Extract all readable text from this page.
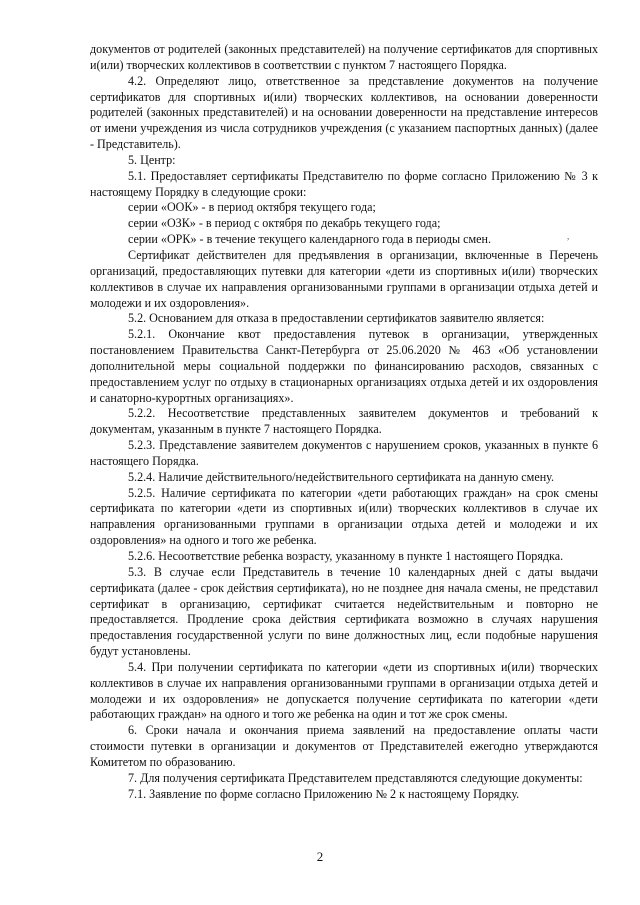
документов от родителей (законных представителей) на получение сертификатов для спортивных и(или) творческих коллективов в соответствии с пунктом 7 настоящего Порядка.

4.2. Определяют лицо, ответственное за представление документов на получение сертификатов для спортивных и(или) творческих коллективов, на основании доверенности родителей (законных представителей) и на основании доверенности на представление интересов от имени учреждения из числа сотрудников учреждения (с указанием паспортных данных) (далее - Представитель).

5. Центр:

5.1. Предоставляет сертификаты Представителю по форме согласно Приложению № 3 к настоящему Порядку в следующие сроки:

серии «ООК» - в период октября текущего года;

серии «ОЗК» - в период с октября по декабрь текущего года;

серии «ОРК» - в течение текущего календарного года в периоды смен.

Сертификат действителен для предъявления в организации, включенные в Перечень организаций, предоставляющих путевки для категории «дети из спортивных и(или) творческих коллективов в случае их направления организованными группами в организации отдыха детей и молодежи и их оздоровления».

5.2. Основанием для отказа в предоставлении сертификатов заявителю является:

5.2.1. Окончание квот предоставления путевок в организации, утвержденных постановлением Правительства Санкт-Петербурга от 25.06.2020 № 463 «Об установлении дополнительной меры социальной поддержки по финансированию расходов, связанных с предоставлением услуг по отдыху в стационарных организациях отдыха детей и их оздоровления и санаторно-курортных организациях».

5.2.2. Несоответствие представленных заявителем документов и требований к документам, указанным в пункте 7 настоящего Порядка.

5.2.3. Представление заявителем документов с нарушением сроков, указанных в пункте 6 настоящего Порядка.

5.2.4. Наличие действительного/недействительного сертификата на данную смену.

5.2.5. Наличие сертификата по категории «дети работающих граждан» на срок смены сертификата по категории «дети из спортивных и(или) творческих коллективов в случае их направления организованными группами в организации отдыха детей и молодежи и их оздоровления» на одного и того же ребенка.

5.2.6. Несоответствие ребенка возрасту, указанному в пункте 1 настоящего Порядка.

5.3. В случае если Представитель в течение 10 календарных дней с даты выдачи сертификата (далее - срок действия сертификата), но не позднее дня начала смены, не представил сертификат в организацию, сертификат считается недействительным и повторно не предоставляется. Продление срока действия сертификата возможно в случаях нарушения предоставления государственной услуги по вине должностных лиц, если подобные нарушения будут установлены.

5.4. При получении сертификата по категории «дети из спортивных и(или) творческих коллективов в случае их направления организованными группами в организации отдыха детей и молодежи и их оздоровления» не допускается получение сертификата по категории «дети работающих граждан» на одного и того же ребенка на один и тот же срок смены.

6. Сроки начала и окончания приема заявлений на предоставление оплаты части стоимости путевки в организации и документов от Представителей ежегодно утверждаются Комитетом по образованию.

7. Для получения сертификата Представителем представляются следующие документы:

7.1. Заявление по форме согласно Приложению № 2 к настоящему Порядку.

,
2
